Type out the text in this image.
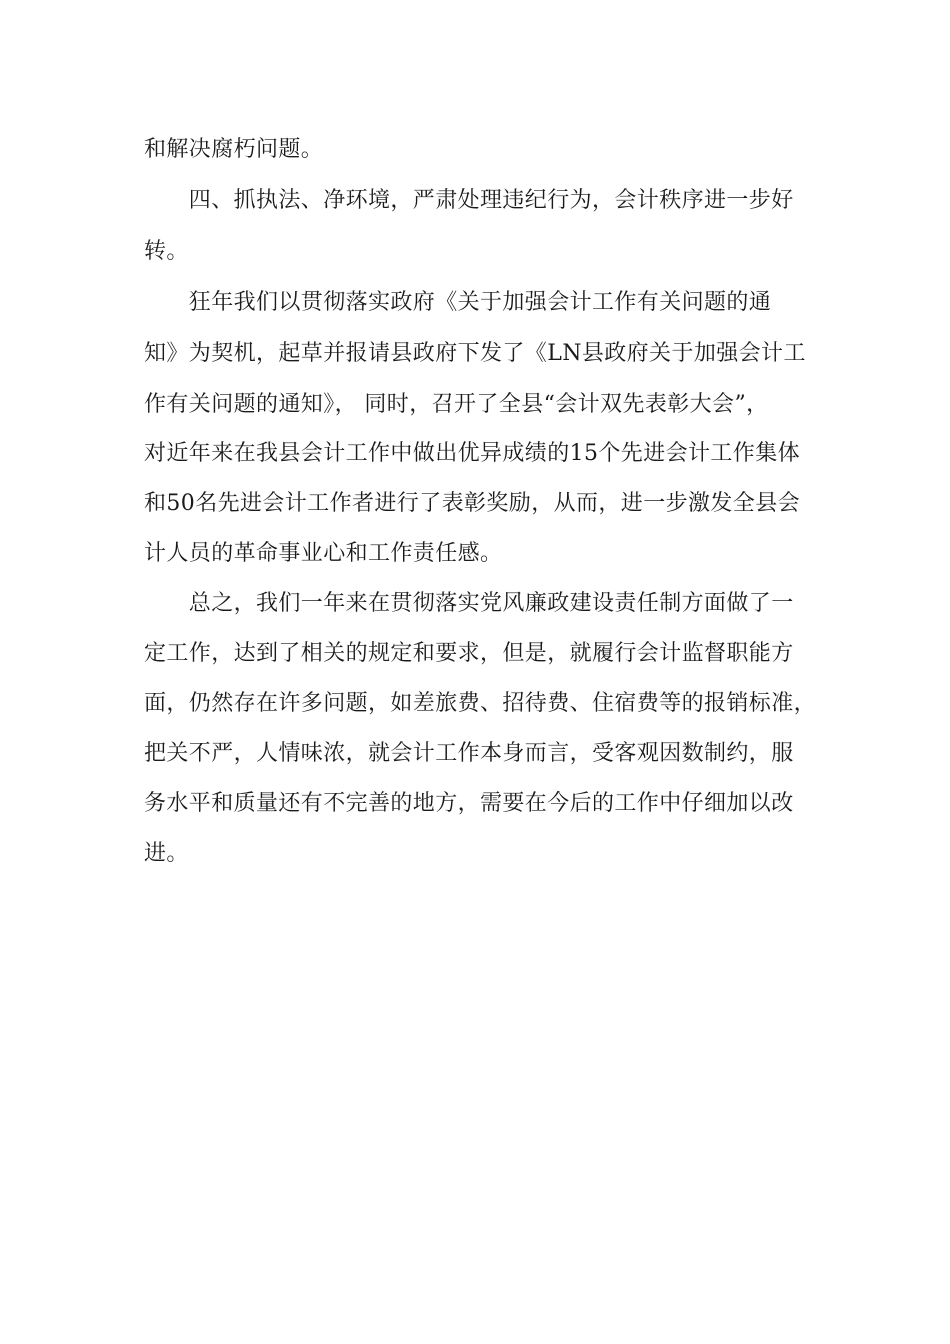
和解决腐朽问题。
　　四、抓执法、净环境，严肃处理违纪行为，会计秩序进一步好
转。
　　狂年我们以贯彻落实政府《关于加强会计工作有关问题的通
知》为契机，起草并报请县政府下发了《LN县政府关于加强会计工
作有关问题的通知》， 同时，召开了全县“会计双先表彰大会”，
对近年来在我县会计工作中做出优异成绩的15个先进会计工作集体
和50名先进会计工作者进行了表彰奖励，从而，进一步激发全县会
计人员的革命事业心和工作责任感。
　　总之，我们一年来在贯彻落实党风廉政建设责任制方面做了一
定工作，达到了相关的规定和要求，但是，就履行会计监督职能方
面，仍然存在许多问题，如差旅费、招待费、住宿费等的报销标准，
把关不严，人情味浓，就会计工作本身而言，受客观因数制约，服
务水平和质量还有不完善的地方，需要在今后的工作中仔细加以改
进。
